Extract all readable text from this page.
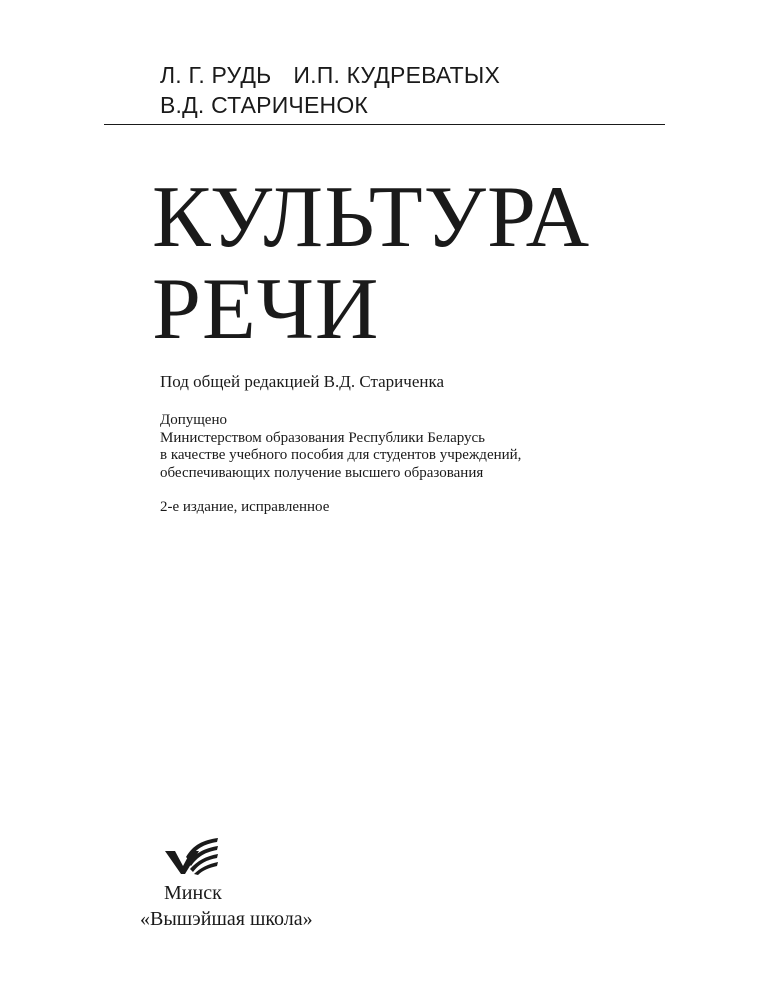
Л. Г. РУДЬ И.П. КУДРЕВАТЫХ
В.Д. СТАРИЧЕНОК
КУЛЬТУРА
РЕЧИ
Под общей редакцией В.Д. Стариченка
Допущено
Министерством образования Республики Беларусь
в качестве учебного пособия для студентов учреждений,
обеспечивающих получение высшего образования
2-е издание, исправленное
Минск
«Вышэйшая школа»
